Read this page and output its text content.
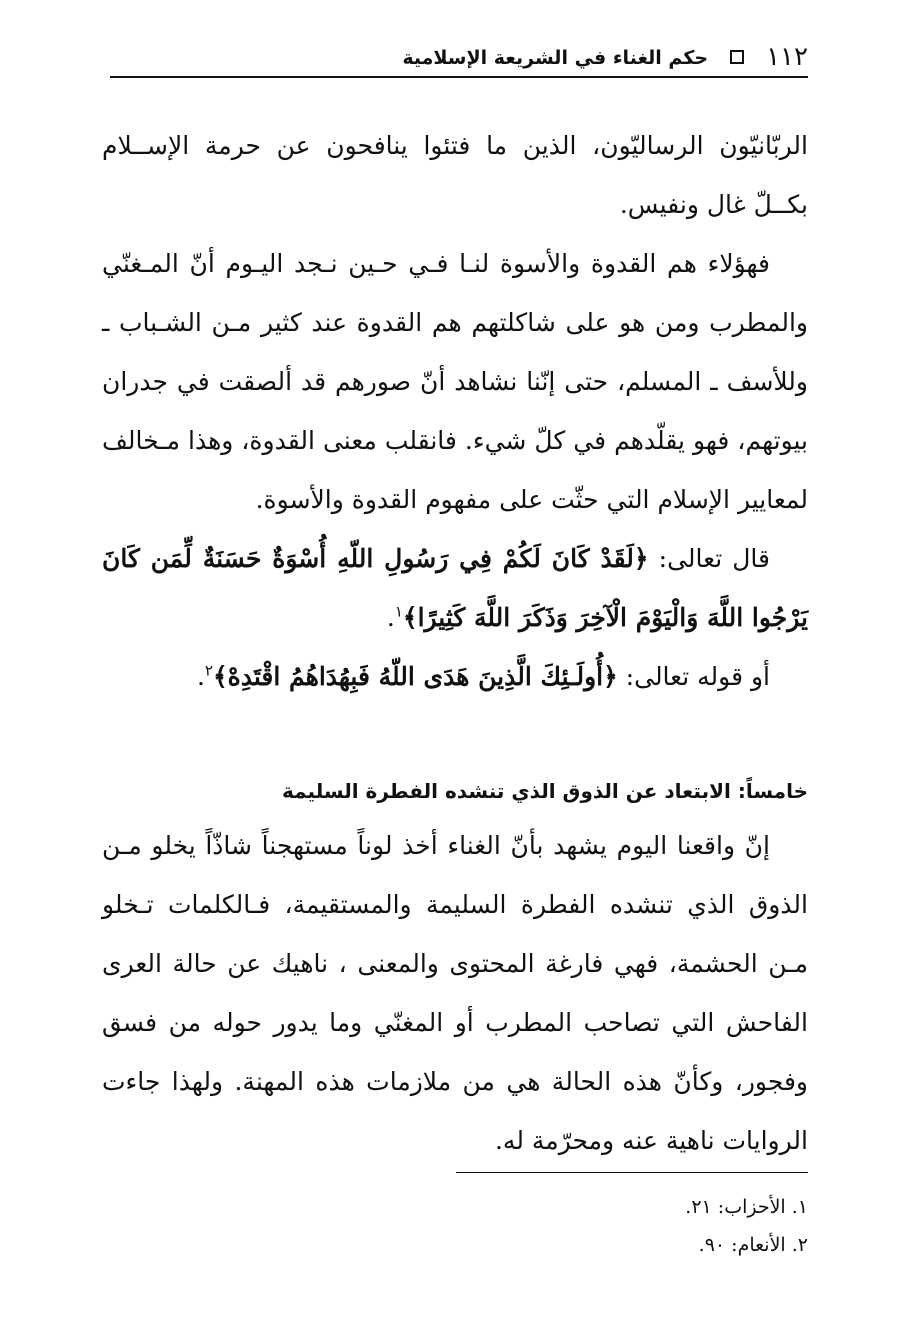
١١٢
حكم الغناء في الشريعة الإسلامية

الربّانيّون الرساليّون، الذين ما فتئوا ينافحون عن حرمة الإســلام بكــلّ غال ونفيس.

فهؤلاء هم القدوة والأسوة لنـا فـي حـين نـجد اليـوم أنّ المـغنّي والمطرب ومن هو على شاكلتهم هم القدوة عند كثير مـن الشـباب ـ وللأسف ـ المسلم، حتى إنّنا نشاهد أنّ صورهم قد ألصقت في جدران بيوتهم، فهو يقلّدهم في كلّ شيء. فانقلب معنى القدوة، وهذا مـخالف لمعايير الإسلام التي حثّت على مفهوم القدوة والأسوة.

قال تعالى: ﴿لَقَدْ كَانَ لَكُمْ فِي رَسُولِ اللّهِ أُسْوَةٌ حَسَنَةٌ لِّمَن كَانَ يَرْجُوا اللَّهَ وَالْيَوْمَ الْآخِرَ وَذَكَرَ اللَّهَ كَثِيرًا﴾$^١$.

أو قوله تعالى: ﴿أُولَـئِكَ الَّذِينَ هَدَى اللّهُ فَبِهُدَاهُمُ اقْتَدِهْ﴾$^٢$.

خامساً: الابتعاد عن الذوق الذي تنشده الفطرة السليمة

إنّ واقعنا اليوم يشهد بأنّ الغناء أخذ لوناً مستهجناً شاذّاً يخلو مـن الذوق الذي تنشده الفطرة السليمة والمستقيمة، فـالكلمات تـخلو مـن الحشمة، فهي فارغة المحتوى والمعنى ، ناهيك عن حالة العرى الفاحش التي تصاحب المطرب أو المغنّي وما يدور حوله من فسق وفجور، وكأنّ هذه الحالة هي من ملازمات هذه المهنة. ولهذا جاءت الروايات ناهية عنه ومحرّمة له.

١. الأحزاب: ٢١.

٢. الأنعام: ٩٠.
